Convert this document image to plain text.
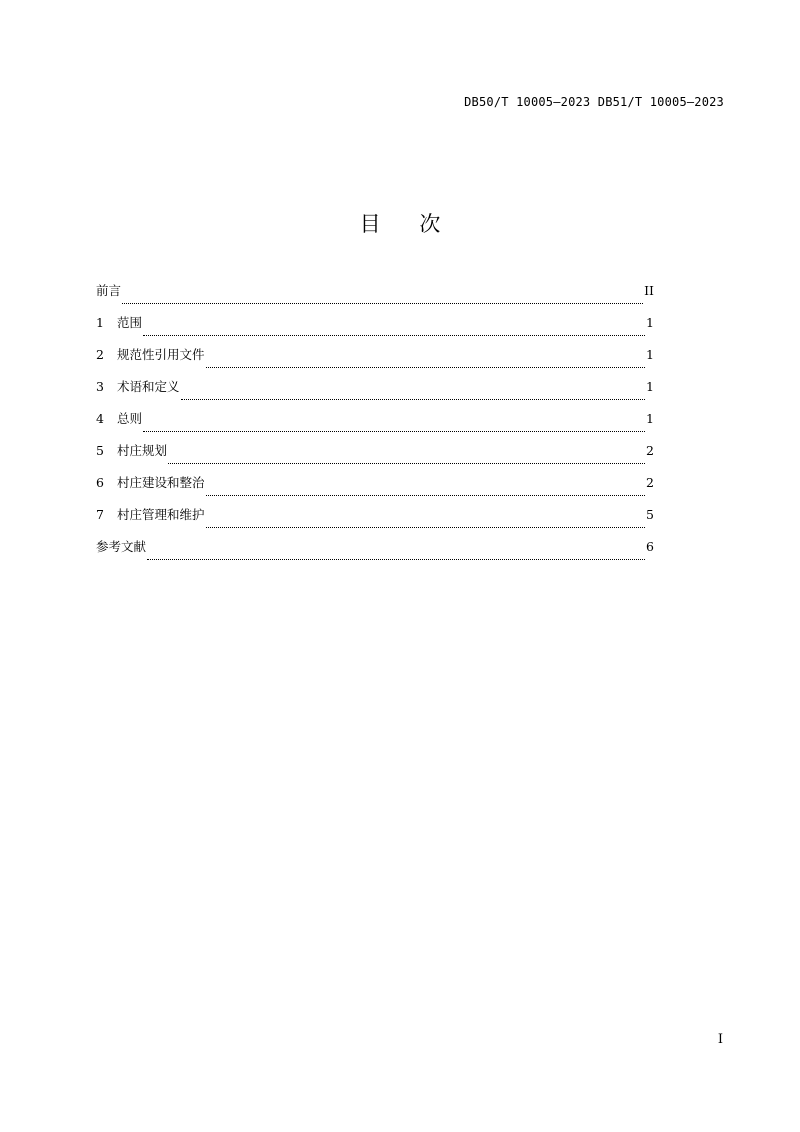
DB50/T 10005—2023 DB51/T 10005—2023
目 次
前言	II
1	范围	1
2	规范性引用文件	1
3	术语和定义	1
4	总则	1
5	村庄规划	2
6	村庄建设和整治	2
7	村庄管理和维护	5
参考文献	6
I
